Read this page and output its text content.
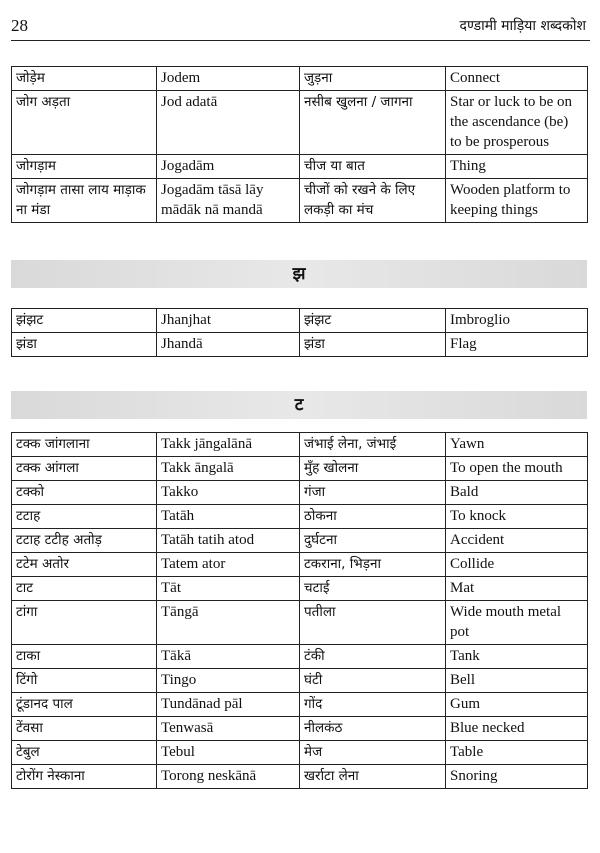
28	दण्डामी माड़िया शब्दकोश
जोड़ेम	Jodem	जुड़ना	Connect
जोग अड़ता	Jod adatā	नसीब खुलना / जागना	Star or luck to be on the ascendance (be) to be prosperous
जोगड़ाम	Jogadām	चीज या बात	Thing
जोगड़ाम तासा लाय माड़ाक ना मंडा	Jogadām tāsā lāy mādāk nā mandā	चीजों को रखने के लिए लकड़ी का मंच	Wooden platform to keeping things
झ
झंझट	Jhanjhat	झंझट	Imbroglio
झंडा	Jhandā	झंडा	Flag
ट
टक्क जांगलाना	Takk jāngalānā	जंभाई लेना, जंभाई	Yawn
टक्क आंगला	Takk āngalā	मुँह खोलना	To open the mouth
टक्को	Takko	गंजा	Bald
टटाह	Tatāh	ठोकना	To knock
टटाह टटीह अतोड़	Tatāh tatih atod	दुर्घटना	Accident
टटेम अतोर	Tatem ator	टकराना, भिड़ना	Collide
टाट	Tāt	चटाई	Mat
टांगा	Tāngā	पतीला	Wide mouth metal pot
टाका	Tākā	टंकी	Tank
टिंगो	Tingo	घंटी	Bell
टूंडानद पाल	Tundānad pāl	गोंद	Gum
टेंवसा	Tenwasā	नीलकंठ	Blue necked
टेबुल	Tebul	मेज	Table
टोरोंग नेस्काना	Torong neskānā	खर्राटा लेना	Snoring
